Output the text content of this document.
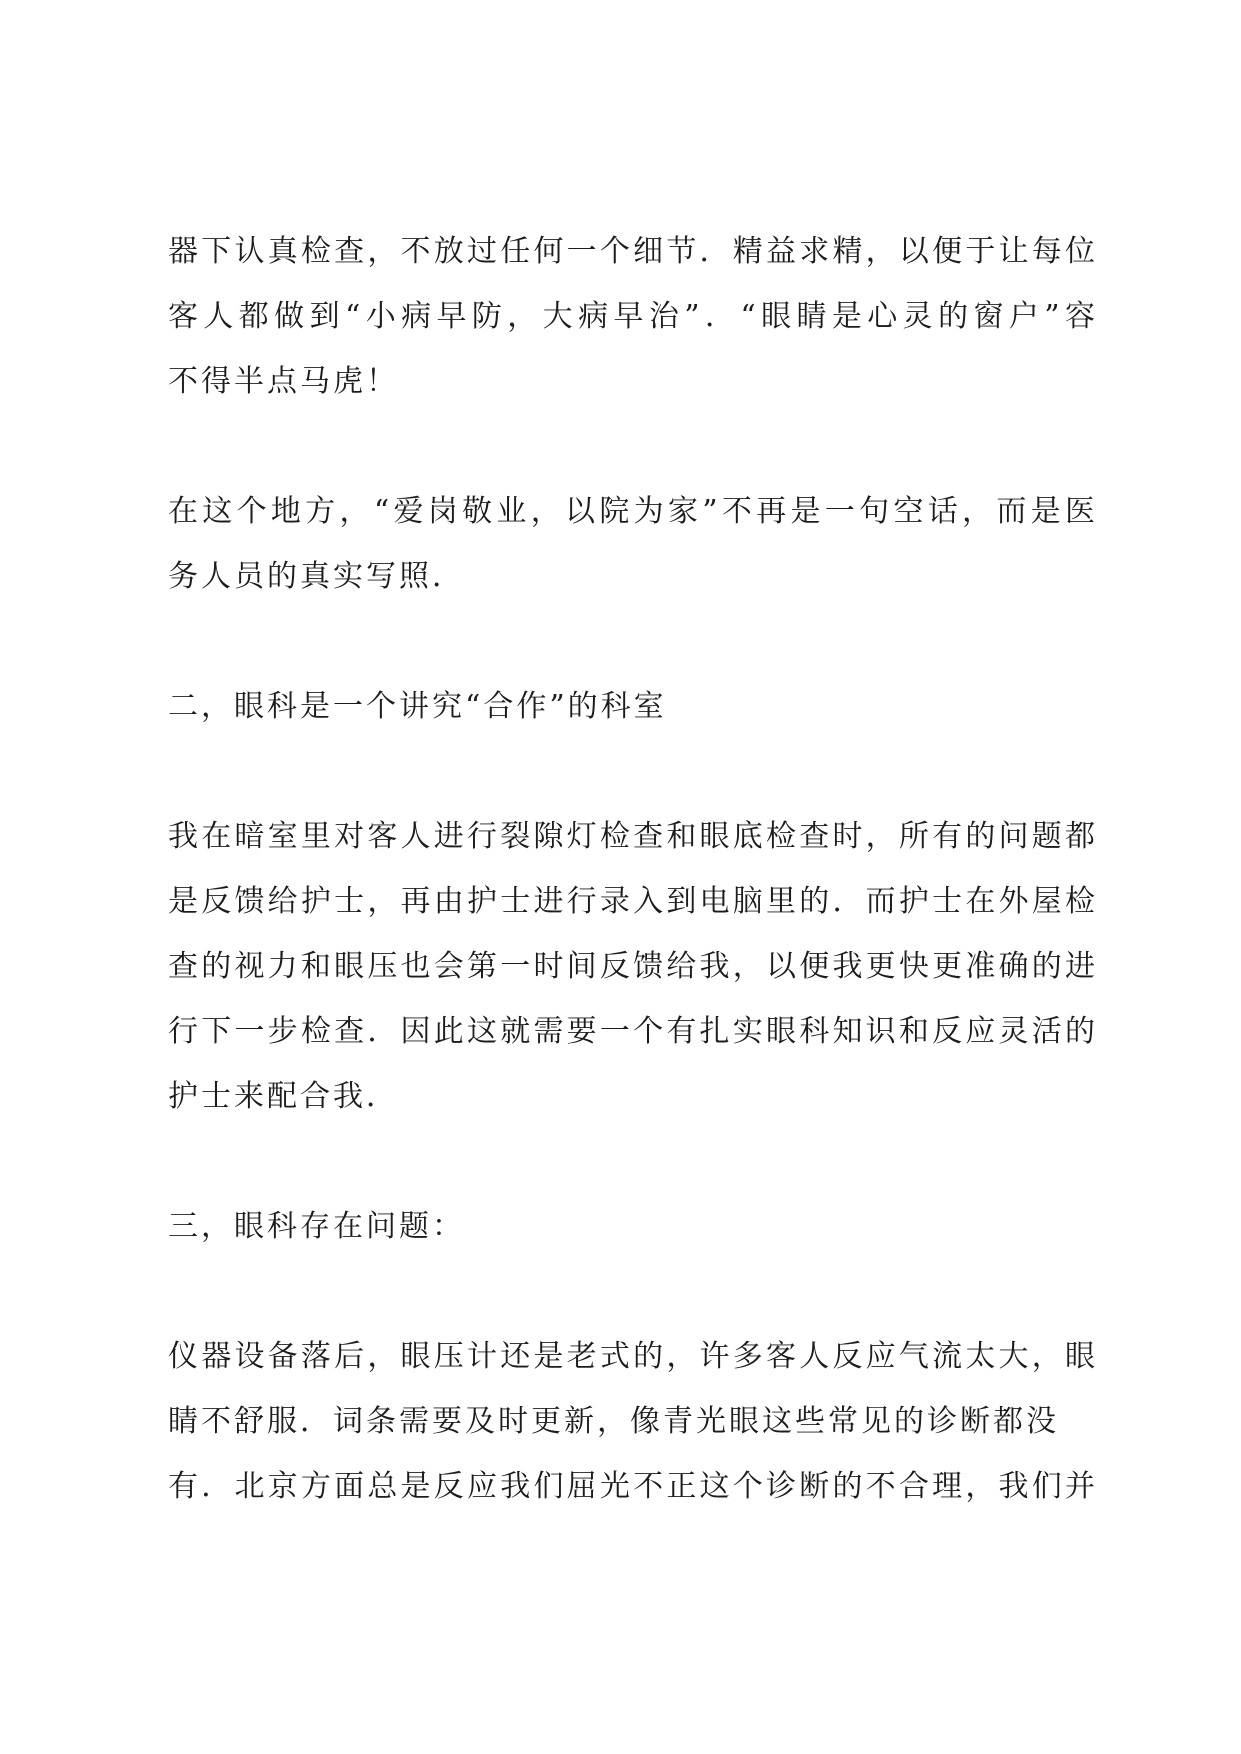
器下认真检查，不放过任何一个细节．精益求精，以便于让每位
客人都做到“小病早防，大病早治”．“眼睛是心灵的窗户”容
不得半点马虎！
在这个地方，“爱岗敬业，以院为家”不再是一句空话，而是医
务人员的真实写照．
二，眼科是一个讲究“合作”的科室
我在暗室里对客人进行裂隙灯检查和眼底检查时，所有的问题都
是反馈给护士，再由护士进行录入到电脑里的．而护士在外屋检
查的视力和眼压也会第一时间反馈给我，以便我更快更准确的进
行下一步检查．因此这就需要一个有扎实眼科知识和反应灵活的
护士来配合我．
三，眼科存在问题：
仪器设备落后，眼压计还是老式的，许多客人反应气流太大，眼
睛不舒服．词条需要及时更新，像青光眼这些常见的诊断都没
有．北京方面总是反应我们屈光不正这个诊断的不合理，我们并
